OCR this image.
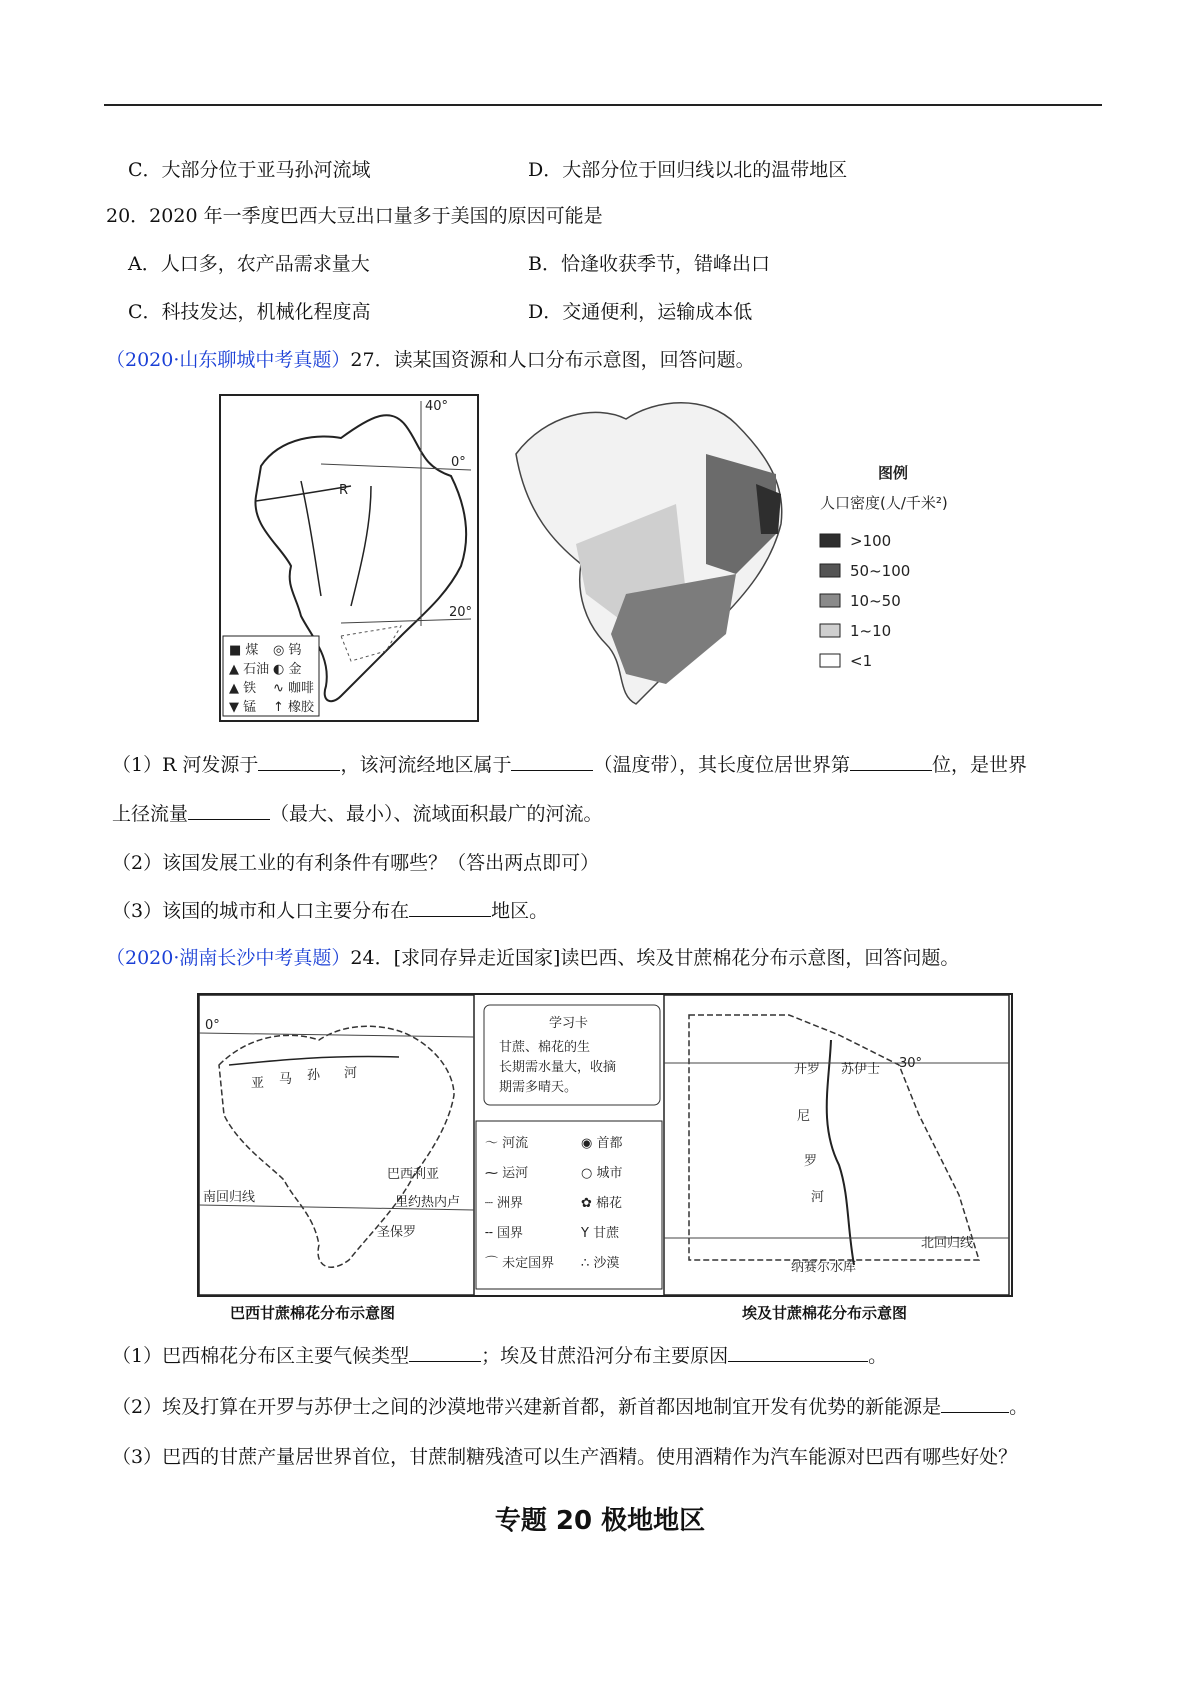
C．大部分位于亚马孙河流域	D．大部分位于回归线以北的温带地区
20．2020 年一季度巴西大豆出口量多于美国的原因可能是
A．人口多，农产品需求量大	B．恰逢收获季节，错峰出口
C．科技发达，机械化程度高	D．交通便利，运输成本低
（2020·山东聊城中考真题）27．读某国资源和人口分布示意图，回答问题。
40°
0°
20°
R
■ 煤 ◎ 钨
▲ 石油 ◐ 金
▲ 铁 ∿ 咖啡
▼ 锰 ↑ 橡胶
图例
人口密度(人/千米²)
>100
50~100
10~50
1~10
<1
（1）R 河发源于	，该河流经地区属于	（温度带），其长度位居世界第	位，是世界
上径流量	（最大、最小）、流域面积最广的河流。
（2）该国发展工业的有利条件有哪些？（答出两点即可）
（3）该国的城市和人口主要分布在	地区。
（2020·湖南长沙中考真题）24．[求同存异走近国家]读巴西、埃及甘蔗棉花分布示意图，回答问题。
0°
亚 马 孙 河
巴西利亚
里约热内卢
圣保罗
南回归线
学习卡
甘蔗、棉花的生
长期需水量大，收摘
期需多晴天。
〜 河流	◉ 首都
⁓ 运河	○ 城市
┈ 洲界	✿ 棉花
╌ 国界	Y 甘蔗
⌒ 未定国界 ∴ 沙漠
开罗 苏伊士 30°
尼
罗
河
北回归线
纳赛尔水库
巴西甘蔗棉花分布示意图	埃及甘蔗棉花分布示意图
（1）巴西棉花分布区主要气候类型	；埃及甘蔗沿河分布主要原因	。
（2）埃及打算在开罗与苏伊士之间的沙漠地带兴建新首都，新首都因地制宜开发有优势的新能源是	。
（3）巴西的甘蔗产量居世界首位，甘蔗制糖残渣可以生产酒精。使用酒精作为汽车能源对巴西有哪些好处？
专题 20 极地地区
